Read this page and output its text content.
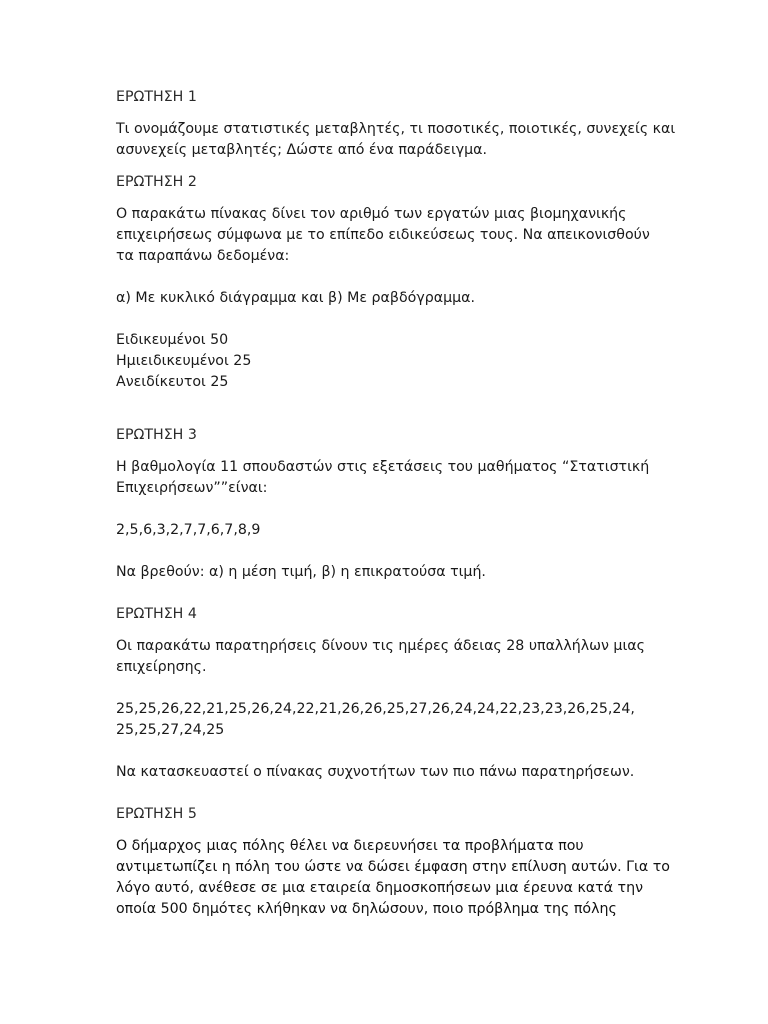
ΕΡΩΤΗΣΗ 1
Τι ονομάζουμε στατιστικές μεταβλητές, τι ποσοτικές, ποιοτικές, συνεχείς και
ασυνεχείς μεταβλητές; Δώστε από ένα παράδειγμα.
ΕΡΩΤΗΣΗ 2
Ο παρακάτω πίνακας δίνει τον αριθμό των εργατών μιας βιομηχανικής
επιχειρήσεως σύμφωνα με το επίπεδο ειδικεύσεως τους. Να απεικονισθούν
τα παραπάνω δεδομένα:
α) Με κυκλικό διάγραμμα και β) Με ραβδόγραμμα.
Ειδικευμένοι 50
Ημιειδικευμένοι 25
Ανειδίκευτοι 25
ΕΡΩΤΗΣΗ 3
Η βαθμολογία 11 σπουδαστών στις εξετάσεις του μαθήματος “Στατιστική
Επιχειρήσεων””είναι:
2,5,6,3,2,7,7,6,7,8,9
Να βρεθούν: α) η μέση τιμή, β) η επικρατούσα τιμή.
ΕΡΩΤΗΣΗ 4
Οι παρακάτω παρατηρήσεις δίνουν τις ημέρες άδειας 28 υπαλλήλων μιας
επιχείρησης.
25,25,26,22,21,25,26,24,22,21,26,26,25,27,26,24,24,22,23,23,26,25,24,
25,25,27,24,25
Να κατασκευαστεί ο πίνακας συχνοτήτων των πιο πάνω παρατηρήσεων.
ΕΡΩΤΗΣΗ 5
Ο δήμαρχος μιας πόλης θέλει να διερευνήσει τα προβλήματα που
αντιμετωπίζει η πόλη του ώστε να δώσει έμφαση στην επίλυση αυτών. Για το
λόγο αυτό, ανέθεσε σε μια εταιρεία δημοσκοπήσεων μια έρευνα κατά την
οποία 500 δημότες κλήθηκαν να δηλώσουν, ποιο πρόβλημα της πόλης
